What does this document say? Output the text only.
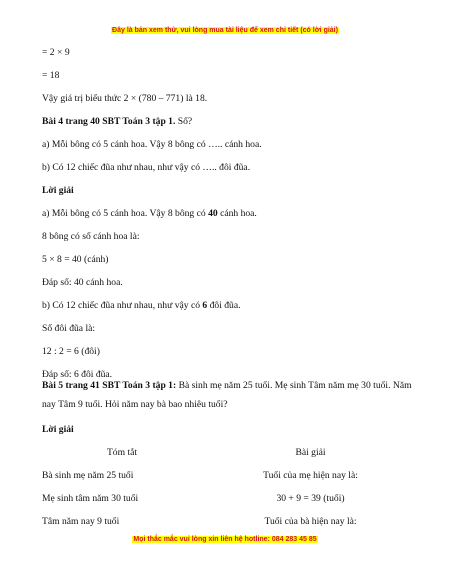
Đây là bản xem thử, vui lòng mua tài liệu để xem chi tiết (có lời giải)
= 2 × 9
= 18
Vậy giá trị biểu thức 2 × (780 – 771) là 18.
Bài 4 trang 40 SBT Toán 3 tập 1. Số?
a) Mỗi bông có 5 cánh hoa. Vậy 8 bông có ….. cánh hoa.
b) Có 12 chiếc đũa như nhau, như vậy có ….. đôi đũa.
Lời giải
a) Mỗi bông có 5 cánh hoa. Vậy 8 bông có 40 cánh hoa.
8 bông có số cánh hoa là:
5 × 8 = 40 (cánh)
Đáp số: 40 cánh hoa.
b) Có 12 chiếc đũa như nhau, như vậy có 6 đôi đũa.
Số đôi đũa là:
12 : 2 = 6 (đôi)
Đáp số: 6 đôi đũa.
Bài 5 trang 41 SBT Toán 3 tập 1: Bà sinh mẹ năm 25 tuổi. Mẹ sinh Tâm năm mẹ 30 tuổi. Năm nay Tâm 9 tuổi. Hỏi năm nay bà bao nhiêu tuổi?
Lời giải
Tóm tắt	Bài giải
Bà sinh mẹ năm 25 tuổi	Tuổi của mẹ hiện nay là:
Mẹ sinh tâm năm 30 tuổi	30 + 9 = 39 (tuổi)
Tâm năm nay 9 tuổi	Tuổi của bà hiện nay là:
Mọi thắc mắc vui lòng xin liên hệ hotline: 084 283 45 85
